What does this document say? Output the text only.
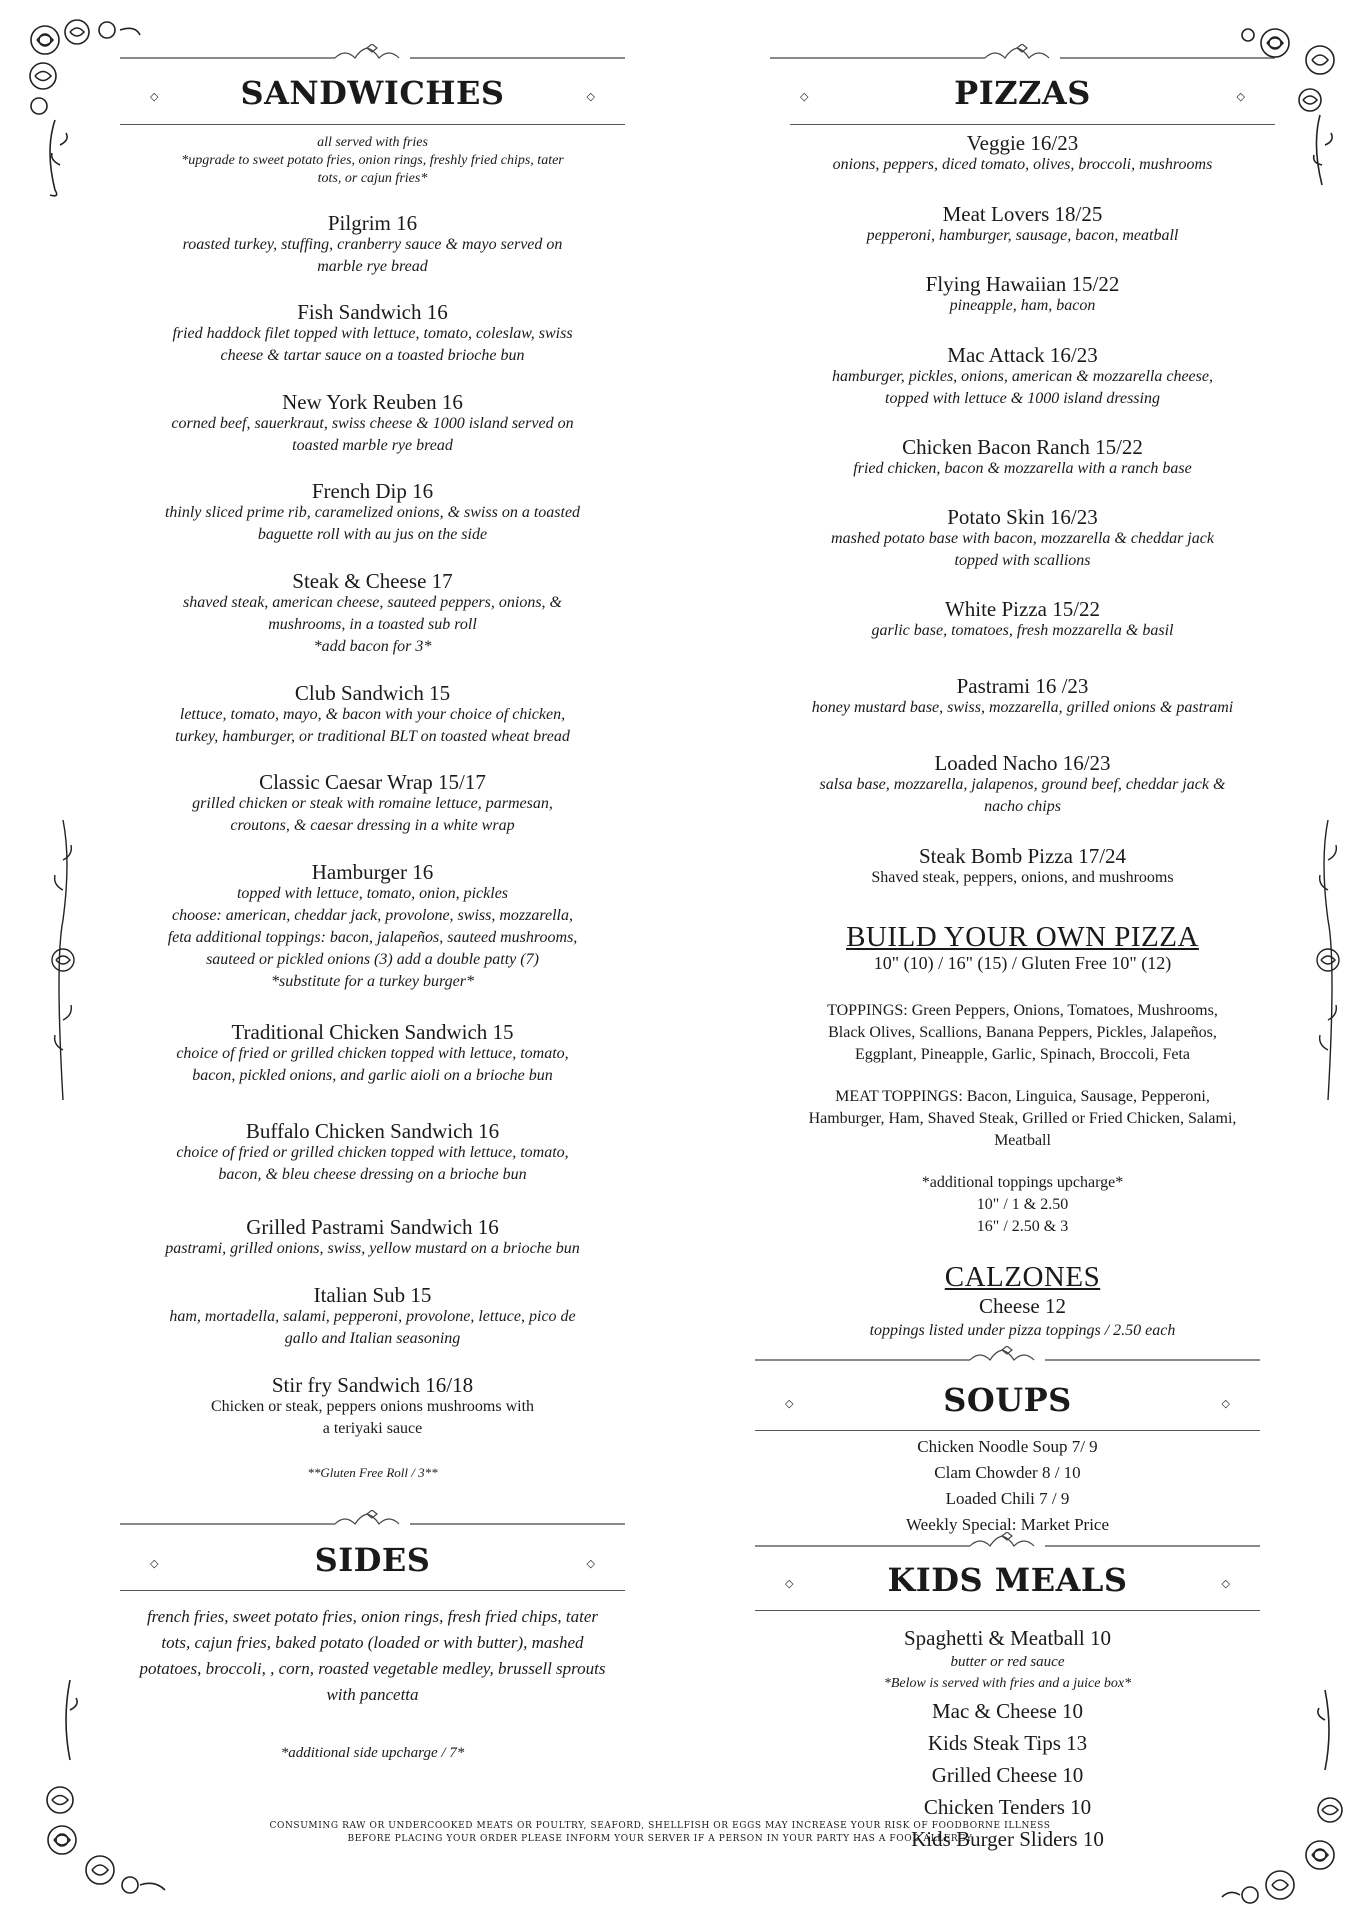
◇	SANDWICHES	◇
all served with fries
*upgrade to sweet potato fries, onion rings, freshly fried chips, tater
tots, or cajun fries*
Pilgrim 16
roasted turkey, stuffing, cranberry sauce & mayo served on
marble rye bread
Fish Sandwich 16
fried haddock filet topped with lettuce, tomato, coleslaw, swiss
cheese & tartar sauce on a toasted brioche bun
New York Reuben 16
corned beef, sauerkraut, swiss cheese & 1000 island served on
toasted marble rye bread
French Dip 16
thinly sliced prime rib, caramelized onions, & swiss on a toasted
baguette roll with au jus on the side
Steak & Cheese 17
shaved steak, american cheese, sauteed peppers, onions, &
mushrooms, in a toasted sub roll
*add bacon for 3*
Club Sandwich 15
lettuce, tomato, mayo, & bacon with your choice of chicken,
turkey, hamburger, or traditional BLT on toasted wheat bread
Classic Caesar Wrap 15/17
grilled chicken or steak with romaine lettuce, parmesan,
croutons, & caesar dressing in a white wrap
Hamburger 16
topped with lettuce, tomato, onion, pickles
choose: american, cheddar jack, provolone, swiss, mozzarella,
feta additional toppings: bacon, jalapeños, sauteed mushrooms,
sauteed or pickled onions (3) add a double patty (7)
*substitute for a turkey burger*
Traditional Chicken Sandwich 15
choice of fried or grilled chicken topped with lettuce, tomato,
bacon, pickled onions, and garlic aioli on a brioche bun
Buffalo Chicken Sandwich 16
choice of fried or grilled chicken topped with lettuce, tomato,
bacon, & bleu cheese dressing on a brioche bun
Grilled Pastrami Sandwich 16
pastrami, grilled onions, swiss, yellow mustard on a brioche bun
Italian Sub 15
ham, mortadella, salami, pepperoni, provolone, lettuce, pico de
gallo and Italian seasoning
Stir fry Sandwich 16/18
Chicken or steak, peppers onions mushrooms with
a teriyaki sauce
**Gluten Free Roll / 3**
◇	SIDES	◇
french fries, sweet potato fries, onion rings, fresh fried chips, tater
tots, cajun fries, baked potato (loaded or with butter), mashed
potatoes, broccoli, , corn, roasted vegetable medley, brussell sprouts
with pancetta
*additional side upcharge / 7*
◇	PIZZAS	◇
Veggie 16/23
onions, peppers, diced tomato, olives, broccoli, mushrooms
Meat Lovers 18/25
pepperoni, hamburger, sausage, bacon, meatball
Flying Hawaiian 15/22
pineapple, ham, bacon
Mac Attack 16/23
hamburger, pickles, onions, american & mozzarella cheese,
topped with lettuce & 1000 island dressing
Chicken Bacon Ranch 15/22
fried chicken, bacon & mozzarella with a ranch base
Potato Skin 16/23
mashed potato base with bacon, mozzarella & cheddar jack
topped with scallions
White Pizza 15/22
garlic base, tomatoes, fresh mozzarella & basil
Pastrami 16 /23
honey mustard base, swiss, mozzarella, grilled onions & pastrami
Loaded Nacho 16/23
salsa base, mozzarella, jalapenos, ground beef, cheddar jack &
nacho chips
Steak Bomb Pizza 17/24
Shaved steak, peppers, onions, and mushrooms
BUILD YOUR OWN PIZZA
10" (10) / 16" (15) / Gluten Free 10" (12)
TOPPINGS: Green Peppers, Onions, Tomatoes, Mushrooms,
Black Olives, Scallions, Banana Peppers, Pickles, Jalapeños,
Eggplant, Pineapple, Garlic, Spinach, Broccoli, Feta
MEAT TOPPINGS: Bacon, Linguica, Sausage, Pepperoni,
Hamburger, Ham, Shaved Steak, Grilled or Fried Chicken, Salami,
Meatball
*additional toppings upcharge*
10" / 1 & 2.50
16" / 2.50 & 3
CALZONES
Cheese 12
toppings listed under pizza toppings / 2.50 each
◇	SOUPS	◇
Chicken Noodle Soup 7/ 9
Clam Chowder 8 / 10
Loaded Chili 7 / 9
Weekly Special: Market Price
◇	KIDS MEALS	◇
Spaghetti & Meatball 10
butter or red sauce
*Below is served with fries and a juice box*
Mac & Cheese 10
Kids Steak Tips 13
Grilled Cheese 10
Chicken Tenders 10
Kids Burger Sliders 10
CONSUMING RAW OR UNDERCOOKED MEATS OR POULTRY, SEAFORD, SHELLFISH OR EGGS MAY INCREASE YOUR RISK OF FOODBORNE ILLNESS
BEFORE PLACING YOUR ORDER PLEASE INFORM YOUR SERVER IF A PERSON IN YOUR PARTY HAS A FOOD ALLERGY
